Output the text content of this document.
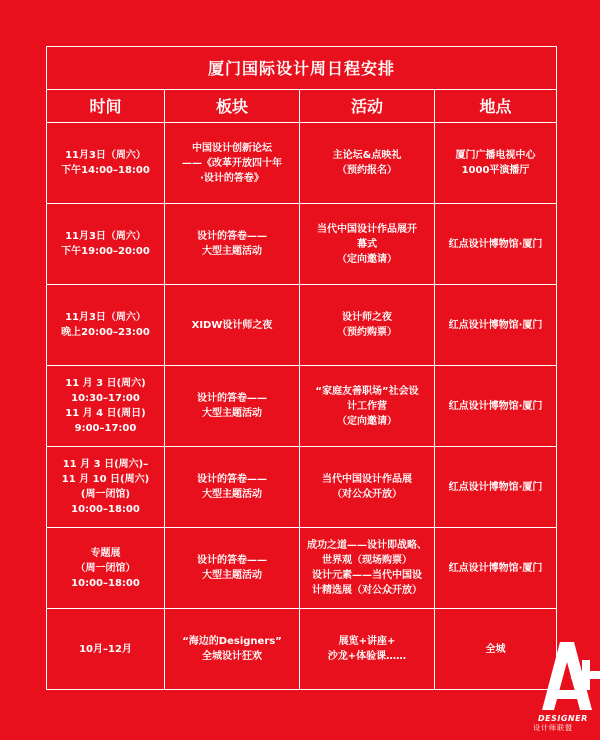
厦门国际设计周日程安排			
时间	板块	活动	地点
11月3日（周六）
下午14:00–18:00	中国设计创新论坛
——《改革开放四十年
·设计的答卷》	主论坛&点映礼
（预约报名）	厦门广播电视中心
1000平演播厅
11月3日（周六）
下午19:00–20:00	设计的答卷——
大型主题活动	当代中国设计作品展开
幕式
（定向邀请）	红点设计博物馆·厦门
11月3日（周六）
晚上20:00–23:00	XIDW设计师之夜	设计师之夜
（预约购票）	红点设计博物馆·厦门
11 月 3 日(周六)
10:30–17:00
11 月 4 日(周日)
9:00–17:00	设计的答卷——
大型主题活动	“家庭友善职场”社会设
计工作营
（定向邀请）	红点设计博物馆·厦门
11 月 3 日(周六)–
11 月 10 日(周六)
(周一闭馆)
10:00–18:00	设计的答卷——
大型主题活动	当代中国设计作品展
（对公众开放）	红点设计博物馆·厦门
专题展
（周一闭馆）
10:00–18:00	设计的答卷——
大型主题活动	成功之道——设计即战略、
世界观（现场购票）
设计元素——当代中国设
计精选展（对公众开放）	红点设计博物馆·厦门
10月–12月	“海边的Designers”
全城设计狂欢	展览+讲座+
沙龙+体验课……	全城
DESIGNER
设计师联盟
